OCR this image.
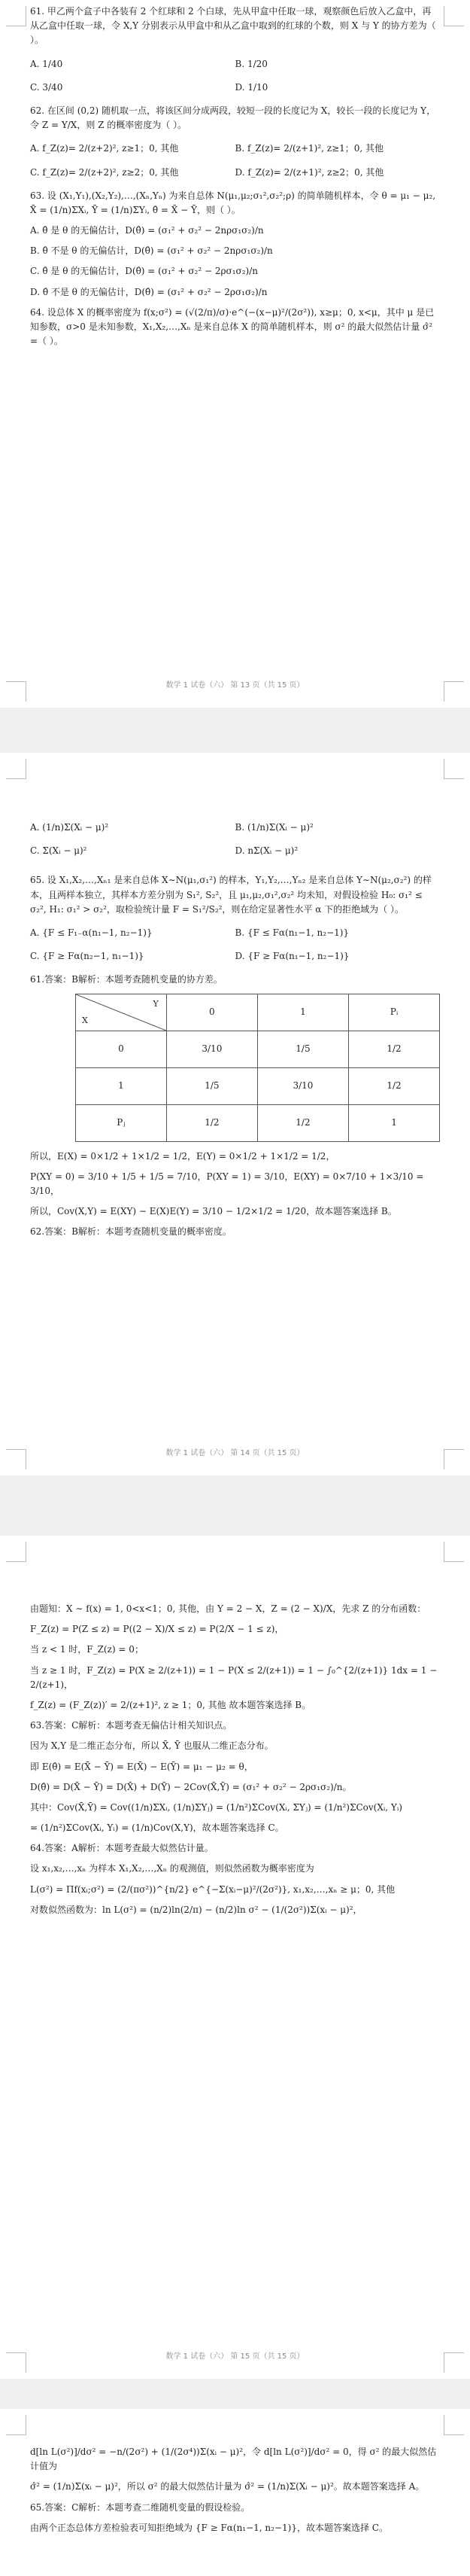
61. 甲乙两个盒子中各装有 2 个红球和 2 个白球，先从甲盒中任取一球，观察颜色后放入乙盒中，再从乙盒中任取一球，令 X,Y 分别表示从甲盒中和从乙盒中取到的红球的个数，则 X 与 Y 的协方差为（ ）。

A. 1/40	B. 1/20
C. 3/40	D. 1/10

62. 在区间 (0,2) 随机取一点，将该区间分成两段，较短一段的长度记为 X，较长一段的长度记为 Y，令 Z = Y/X，则 Z 的概率密度为（ ）。

A. f_Z(z)= 2/(z+2)², z≥1；0, 其他	B. f_Z(z)= 2/(z+1)², z≥1；0, 其他
C. f_Z(z)= 2/(z+2)², z≥2；0, 其他	D. f_Z(z)= 2/(z+1)², z≥2；0, 其他

63. 设 (X₁,Y₁),(X₂,Y₂),…,(Xₙ,Yₙ) 为来自总体 N(μ₁,μ₂;σ₁²,σ₂²;ρ) 的简单随机样本，令 θ = μ₁ − μ₂, X̄ = (1/n)ΣXᵢ, Ȳ = (1/n)ΣYᵢ, θ̂ = X̄ − Ȳ，则（ ）。

A. θ̂ 是 θ 的无偏估计，D(θ̂) = (σ₁² + σ₂² − 2nρσ₁σ₂)/n
B. θ̂ 不是 θ 的无偏估计，D(θ̂) = (σ₁² + σ₂² − 2nρσ₁σ₂)/n
C. θ̂ 是 θ 的无偏估计，D(θ̂) = (σ₁² + σ₂² − 2ρσ₁σ₂)/n
D. θ̂ 不是 θ 的无偏估计，D(θ̂) = (σ₁² + σ₂² − 2ρσ₁σ₂)/n

64. 设总体 X 的概率密度为 f(x;σ²) = (√(2/π)/σ)·e^(−(x−μ)²/(2σ²)), x≥μ；0, x<μ，其中 μ 是已知参数，σ>0 是未知参数，X₁,X₂,…,Xₙ 是来自总体 X 的简单随机样本，则 σ² 的最大似然估计量 σ̂² =（ ）。

数学 1 试卷（六） 第 13 页（共 15 页）
A. (1/n)Σ(Xᵢ − μ)²	B. (1/n)Σ(Xᵢ − μ)²
C. Σ(Xᵢ − μ)²	D. nΣ(Xᵢ − μ)²

65. 设 X₁,X₂,…,Xₙ₁ 是来自总体 X∼N(μ₁,σ₁²) 的样本，Y₁,Y₂,…,Yₙ₂ 是来自总体 Y∼N(μ₂,σ₂²) 的样本，且两样本独立，其样本方差分别为 S₁², S₂²，且 μ₁,μ₂,σ₁²,σ₂² 均未知，对假设检验 H₀: σ₁² ≤ σ₂², H₁: σ₁² > σ₂²，取检验统计量 F = S₁²/S₂²，则在给定显著性水平 α 下的拒绝域为（ ）。

A. {F ≤ F₁₋α(n₁−1, n₂−1)}	B. {F ≤ Fα(n₁−1, n₂−1)}
C. {F ≥ Fα(n₂−1, n₁−1)}	D. {F ≥ Fα(n₁−1, n₂−1)}

61.答案：B解析：本题考查随机变量的协方差。

Y
X	0	1	Pᵢ
0	3/10	1/5	1/2
1	1/5	3/10	1/2
Pⱼ	1/2	1/2	1
所以，E(X) = 0×1/2 + 1×1/2 = 1/2，E(Y) = 0×1/2 + 1×1/2 = 1/2，
P(XY = 0) = 3/10 + 1/5 + 1/5 = 7/10，P(XY = 1) = 3/10，E(XY) = 0×7/10 + 1×3/10 = 3/10，
所以，Cov(X,Y) = E(XY) − E(X)E(Y) = 3/10 − 1/2×1/2 = 1/20，故本题答案选择 B。

62.答案：B解析：本题考查随机变量的概率密度。

数学 1 试卷（六） 第 14 页（共 15 页）
由题知：X ∼ f(x) = 1, 0<x<1；0, 其他，由 Y = 2 − X，Z = (2 − X)/X，先求 Z 的分布函数：
F_Z(z) = P(Z ≤ z) = P((2 − X)/X ≤ z) = P(2/X − 1 ≤ z)，
当 z < 1 时，F_Z(z) = 0；
当 z ≥ 1 时，F_Z(z) = P(X ≥ 2/(z+1)) = 1 − P(X ≤ 2/(z+1)) = 1 − ∫₀^{2/(z+1)} 1dx = 1 − 2/(z+1)，
f_Z(z) = (F_Z(z))′ = 2/(z+1)², z ≥ 1；0, 其他 故本题答案选择 B。
63.答案：C解析：本题考查无偏估计相关知识点。
因为 X,Y 是二维正态分布，所以 X̄, Ȳ 也服从二维正态分布。
即 E(θ̂) = E(X̄ − Ȳ) = E(X̄) − E(Ȳ) = μ₁ − μ₂ = θ，
D(θ̂) = D(X̄ − Ȳ) = D(X̄) + D(Ȳ) − 2Cov(X̄,Ȳ) = (σ₁² + σ₂² − 2ρσ₁σ₂)/n。
其中：Cov(X̄,Ȳ) = Cov((1/n)ΣXᵢ, (1/n)ΣYⱼ) = (1/n²)ΣCov(Xᵢ, ΣYⱼ) = (1/n²)ΣCov(Xᵢ, Yᵢ)
= (1/n²)ΣCov(Xᵢ, Yᵢ) = (1/n)Cov(X,Y)，故本题答案选择 C。
64.答案：A解析：本题考查最大似然估计量。
设 x₁,x₂,…,xₙ 为样本 X₁,X₂,…,Xₙ 的观测值，则似然函数为概率密度为
L(σ²) = Πf(xᵢ;σ²) = (2/(πσ²))^{n/2} e^{−Σ(xᵢ−μ)²/(2σ²)}, x₁,x₂,…,xₙ ≥ μ；0, 其他
对数似然函数为：ln L(σ²) = (n/2)ln(2/π) − (n/2)ln σ² − (1/(2σ²))Σ(xᵢ − μ)²，
数学 1 试卷（六） 第 15 页（共 15 页）
d[ln L(σ²)]/dσ² = −n/(2σ²) + (1/(2σ⁴))Σ(xᵢ − μ)²，令 d[ln L(σ²)]/dσ² = 0，得 σ² 的最大似然估计值为
σ̂² = (1/n)Σ(xᵢ − μ)²，所以 σ² 的最大似然估计量为 σ̂² = (1/n)Σ(Xᵢ − μ)²。故本题答案选择 A。
65.答案：C解析：本题考查二维随机变量的假设检验。
由两个正态总体方差检验表可知拒绝域为 {F ≥ Fα(n₁−1, n₂−1)}，故本题答案选择 C。
